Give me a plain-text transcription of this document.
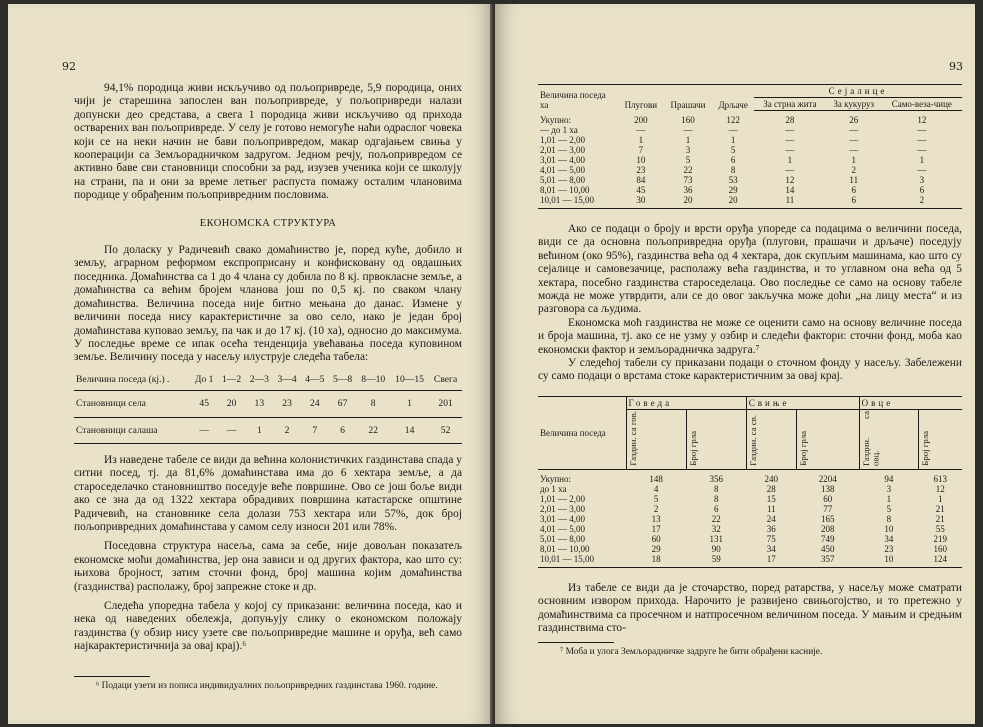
92

94,1% породица живи искључиво од пољопривреде, 5,9 породица, оних чији је старешина запослен ван пољопривреде, у пољопривреди налази допунски део средстава, а свега 1 породица живи искључиво од прихода остварених ван пољопривреде. У селу је готово немогуће наћи одраслог човека који се на неки начин не бави пољопривредом, макар одгајањем свиња у кооперацији са Земљорадничком задругом. Једном речју, пољопривредом се активно баве сви становници способни за рад, изузев ученика који се школују на страни, па и они за време летњег распуста помажу осталим члановима породице у обрађеним пољопривредним пословима.

ЕКОНОМСКА СТРУКТУРА

По доласку у Радичевић свако домаћинство је, поред куће, добило и земљу, аграрном реформом експроприсану и конфискованy од овдашњих поседника. Домаћинства са 1 до 4 члана су добила по 8 кј. првокласне земље, а домаћинства са већим бројем чланова још по 0,5 кј. по сваком члану домаћинства. Величина поседа није битно мењана до данас. Измене у величини поседа нису карактеристичне за ово село, иако је један број домаћинстава куповао земљу, па чак и до 17 кј. (10 ха), односно до максимума. У последње време се ипак осећа тенденција увећавања поседа куповином земље. Величину поседа у насељу илуструје следећа табела:

Величина поседа (кј.) .	До 1	1—2	2—3	3—4	4—5	5—8	8—10	10—15	Свега
Становници села	45	20	13	23	24	67	8	1	201
Становници салаша	—	—	1	2	7	6	22	14	52

Из наведене табеле се види да већина колонистичких газдинстава спада у ситни посед, тј. да 81,6% домаћинстава има до 6 хектара земље, а да староседелачко становништво поседује веће површине. Ово се још боље види ако се зна да од 1322 хектара обрадивих површина катастарске општине Радичевић, на становнике села долази 753 хектара или 57%, док број пољопривредних домаћинстава у самом селу износи 201 или 78%.

Поседовна структура насеља, сама за себе, није довољан показатељ економске моћи домаћинства, јер она зависи и од других фактора, као што су: њихова бројност, затим сточни фонд, број машина којим домаћинства (газдинства) располажу, број запрежне стоке и др.

Следећа упоредна табела у којој су приказани: величина поседа, као и нека од наведених обележја, допуњују слику о економском положају газдинства (у обзир нису узете све пољопривредне машине и оруђа, већ само најкарактеристичнија за овај крај).⁶

⁶ Подаци узети из пописа индивидуалних пољопривредних газдинстава 1960. године.

93
Величина поседа ха	Плугови	Прашачи	Дрљаче	Сејалице		
				За стрна жита	За кукуруз	Само-веза-чице
Укупно:	200	160	122	28	26	12
— до 1 ха	—	—	—	—	—	—
1,01 — 2,00	1	1	1	—	—	—
2,01 — 3,00	7	3	5	—	—	—
3,01 — 4,00	10	5	6	1	1	1
4,01 — 5,00	23	22	8	—	2	—
5,01 — 8,00	84	73	53	12	11	3
8,01 — 10,00	45	36	29	14	6	6
10,01 — 15,00	30	20	20	11	6	2

Ако се подаци о броју и врсти оруђа упореде са подацима о величини поседа, види се да основна пољопривредна оруђа (плугови, прашачи и дрљаче) поседују већином (око 95%), газдинства већа од 4 хектара, док скупљим машинама, као што су сејалице и самовезачице, располажу већа газдинства, и то углавном она већа од 5 хектара, посебно газдинства староседелаца. Ово последње се само на основу табеле можда не може утврдити, али се до овог закључка може доћи „на лицу места“ и из разговора са људима.

Економска моћ газдинства не може се оценити само на основу величине поседа и броја машина, тј. ако се не узму у озбир и следећи фактори: сточни фонд, моба као економски фактор и земљорадничка задруга.⁷

У следећој табели су приказани подаци о сточном фонду у насељу. Забележени су само подаци о врстама стоке карактеристичним за овај крај.

Величина поседа	Говеда		Свиње		Овце	
	Газдин. са гов.	Број грла	Газдин. са св.	Број грла	Газдин. са овц.	Број грла
Укупно:	148	356	240	2204	94	613
до 1 ха	4	8	28	138	3	12
1,01 — 2,00	5	8	15	60	1	1
2,01 — 3,00	2	6	11	77	5	21
3,01 — 4,00	13	22	24	165	8	21
4,01 — 5,00	17	32	36	208	10	55
5,01 — 8,00	60	131	75	749	34	219
8,01 — 10,00	29	90	34	450	23	160
10,01 — 15,00	18	59	17	357	10	124

Из табеле се види да је сточарство, поред ратарства, у насељу може сматрати основним извором прихода. Нарочито је развијено свињогојство, и то претежно у домаћинствима са просечном и натпросечном величином поседа. У мањим и средњим газдинствима сто-

⁷ Моба и улога Земљорадничке задруге ће бити обрађени касније.
